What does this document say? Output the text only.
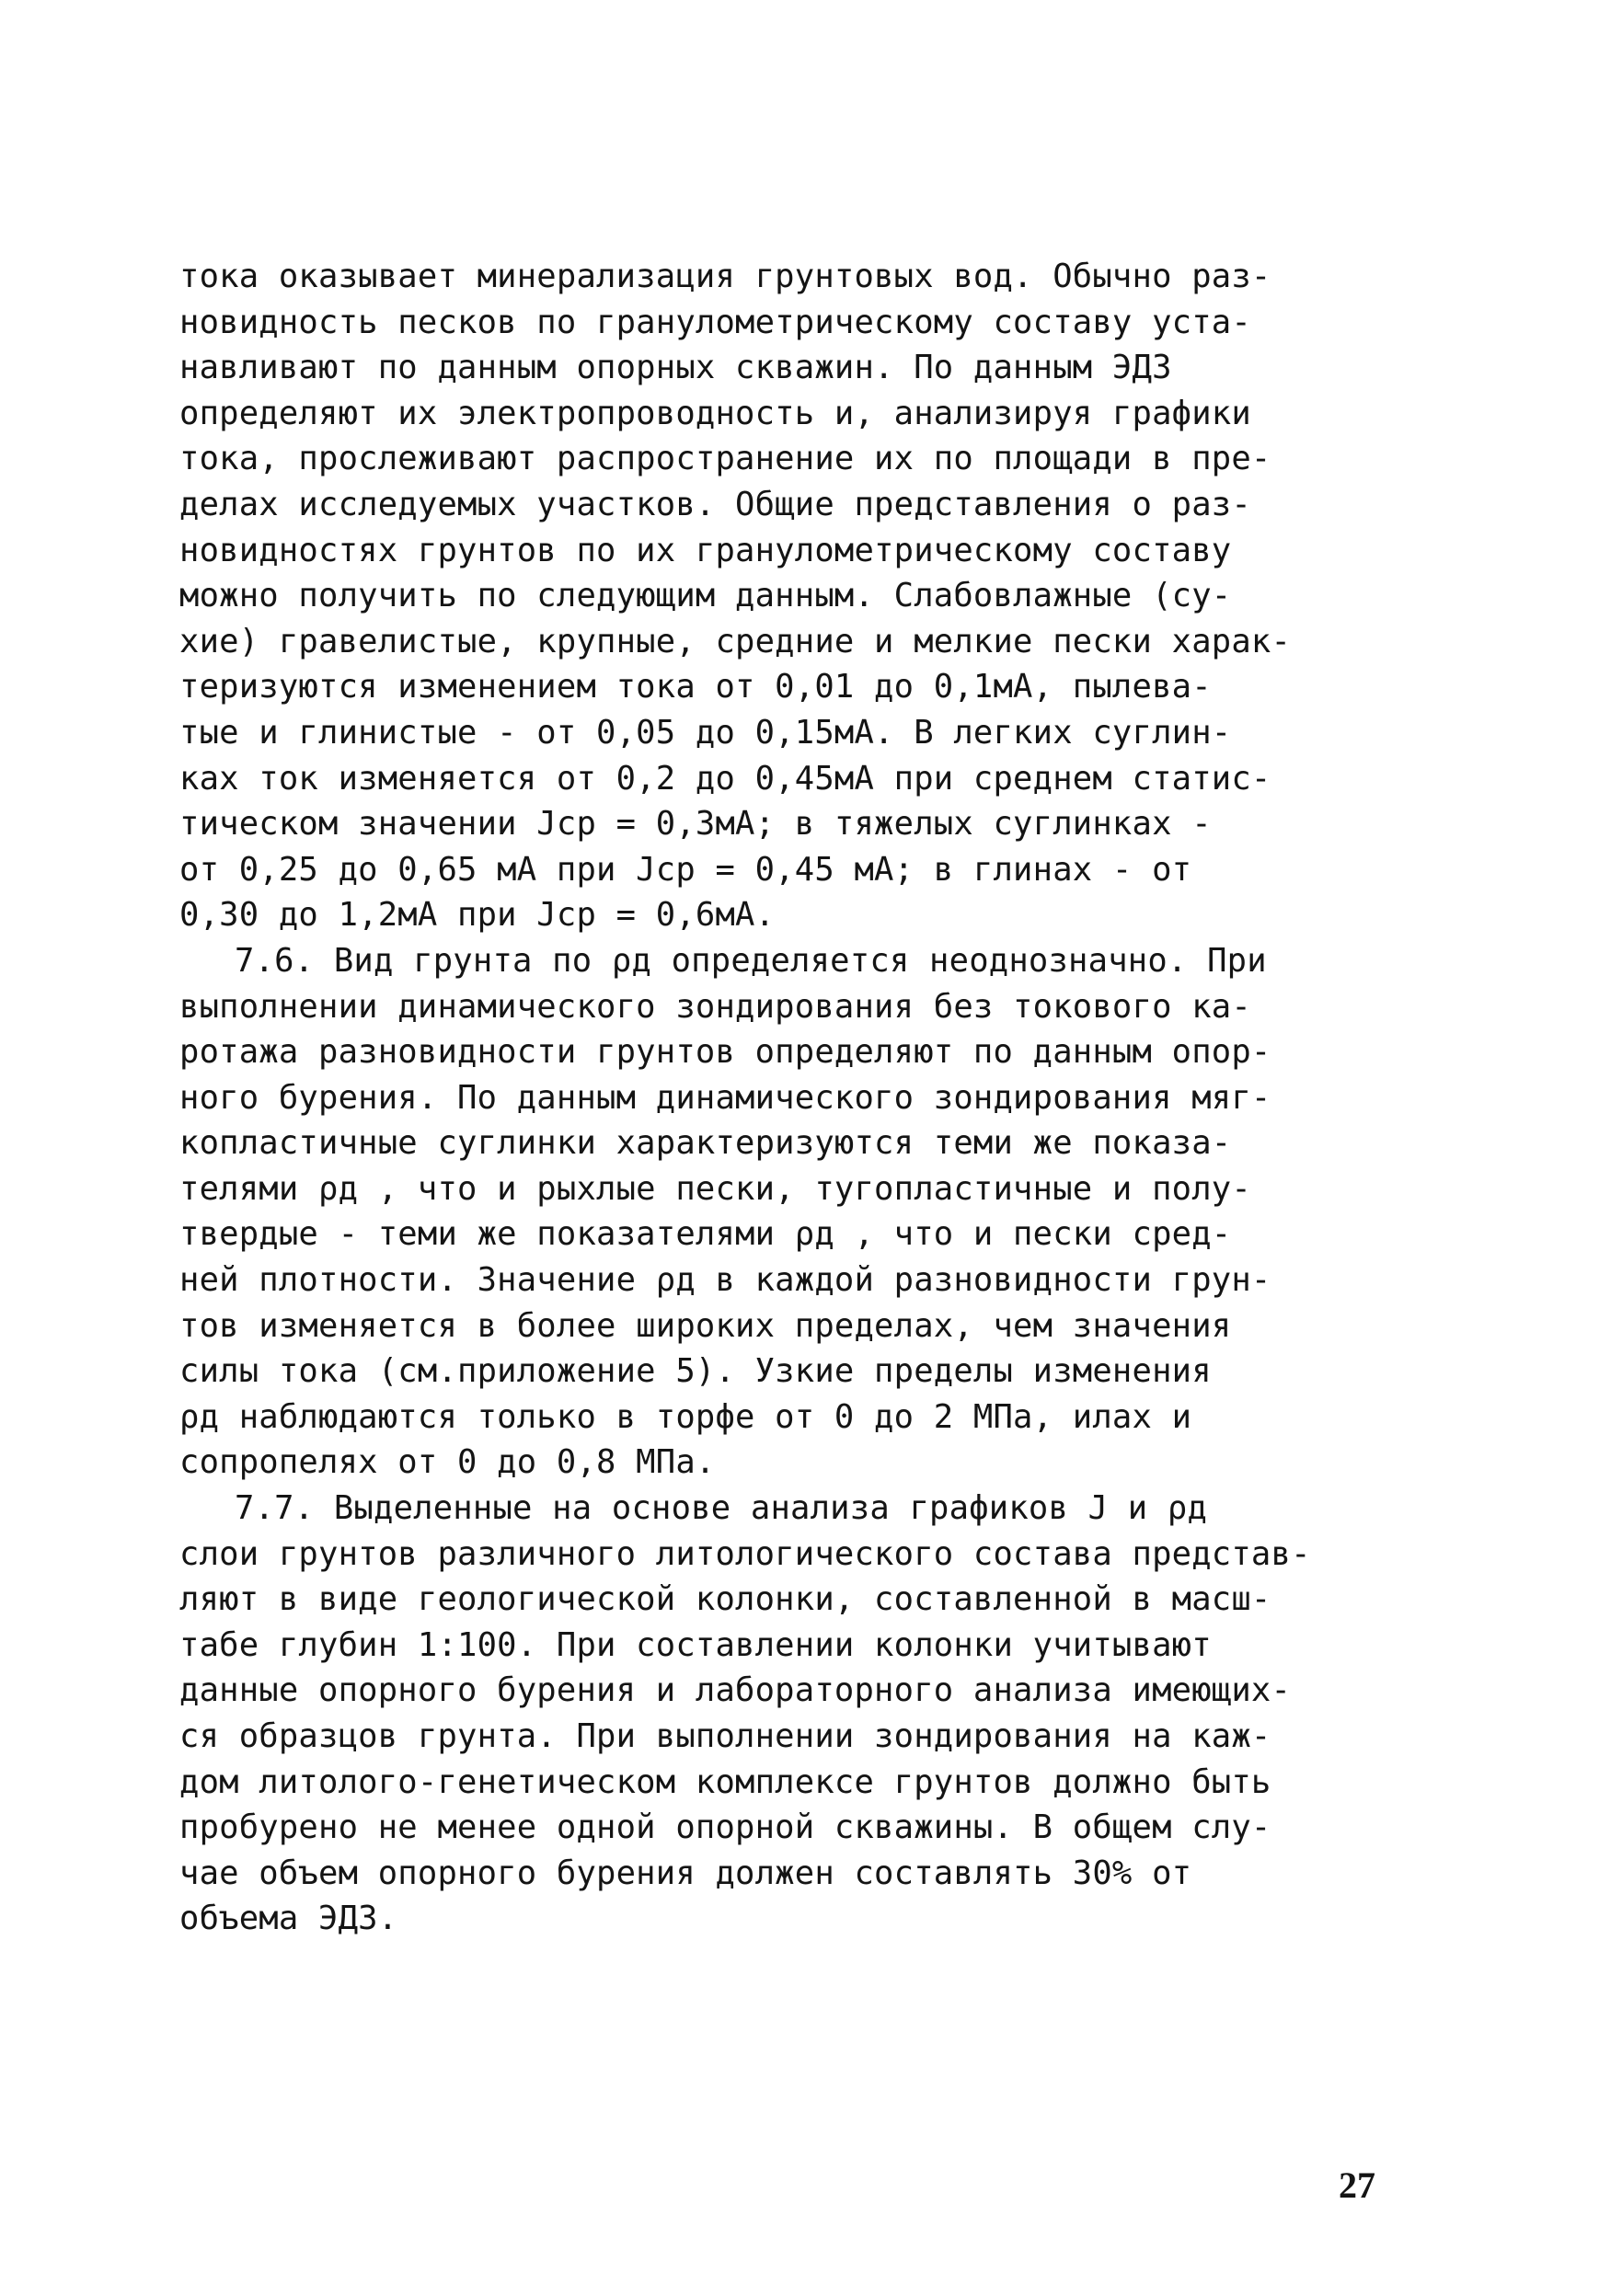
тока оказывает минерализация грунтовых вод. Обычно раз-
новидность песков по гранулометрическому составу уста-
навливают по данным опорных скважин. По данным ЭДЗ
определяют их электропроводность и, анализируя графики
тока, прослеживают распространение их по площади в пре-
делах исследуемых участков. Общие представления о раз-
новидностях грунтов по их гранулометрическому составу
можно получить по следующим данным. Слабовлажные (су-
хие) гравелистые, крупные, средние и мелкие пески харак-
теризуются изменением тока от 0,01 до 0,1мА, пылева-
тые и глинистые - от 0,05 до 0,15мА. В легких суглин-
ках ток изменяется от 0,2 до 0,45мА при среднем статис-
тическом значении Jср = 0,3мА; в тяжелых суглинках -
от 0,25 до 0,65 мА при Jср = 0,45 мА; в глинах - от
0,30 до 1,2мА при Jср = 0,6мА.
7.6. Вид грунта по ρд определяется неоднозначно. При
выполнении динамического зондирования без токового ка-
ротажа разновидности грунтов определяют по данным опор-
ного бурения. По данным динамического зондирования мяг-
копластичные суглинки характеризуются теми же показа-
телями ρд , что и рыхлые пески, тугопластичные и полу-
твердые - теми же показателями ρд , что и пески сред-
ней плотности. Значение ρд в каждой разновидности грун-
тов изменяется в более широких пределах, чем значения
силы тока (см.приложение 5). Узкие пределы изменения
ρд наблюдаются только в торфе от 0 до 2 МПа, илах и
сопропелях от 0 до 0,8 МПа.
7.7. Выделенные на основе анализа графиков J и ρд
слои грунтов различного литологического состава представ-
ляют в виде геологической колонки, составленной в масш-
табе глубин 1:100. При составлении колонки учитывают
данные опорного бурения и лабораторного анализа имеющих-
ся образцов грунта. При выполнении зондирования на каж-
дом литолого-генетическом комплексе грунтов должно быть
пробурено не менее одной опорной скважины. В общем слу-
чае объем опорного бурения должен составлять 30% от
объема ЭДЗ.
27
